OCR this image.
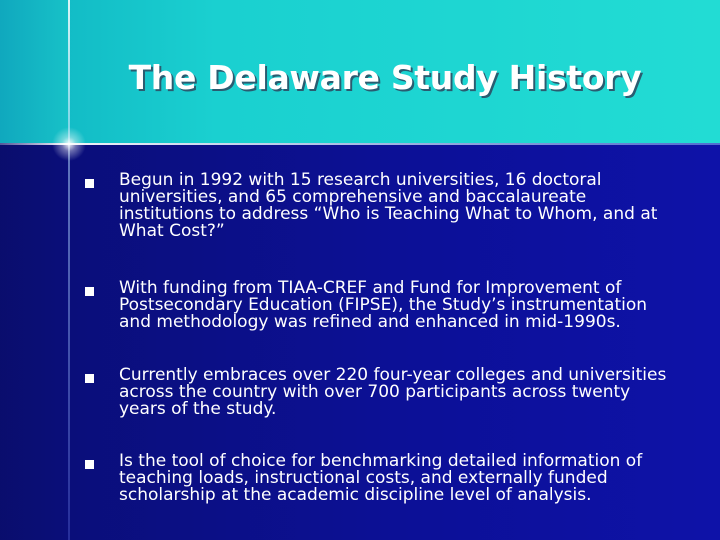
The Delaware Study History
Begun in 1992 with 15 research universities, 16 doctoral universities, and 65 comprehensive and baccalaureate institutions to address “Who is Teaching What to Whom, and at What Cost?”
With funding from TIAA-CREF and Fund for Improvement of Postsecondary Education (FIPSE), the Study’s instrumentation and methodology was refined and enhanced in mid-1990s.
Currently embraces over 220 four-year colleges and universities across the country with over 700 participants across twenty years of the study.
Is the tool of choice for benchmarking detailed information of teaching loads, instructional costs, and externally funded scholarship at the academic discipline level of analysis.
